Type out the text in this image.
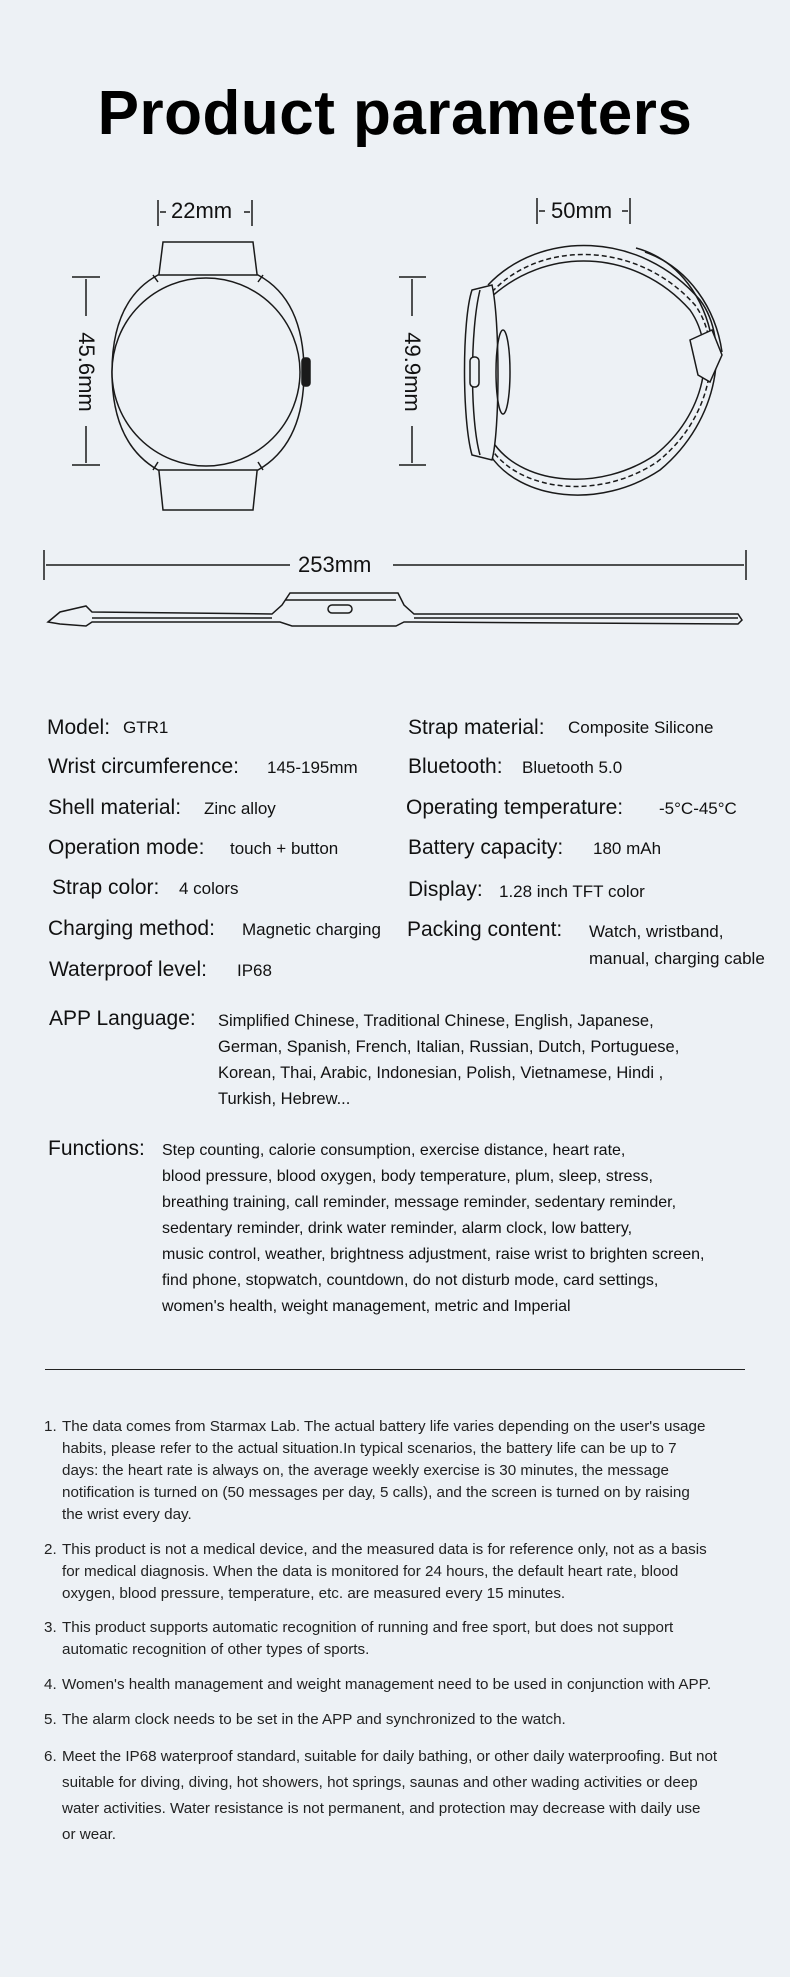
Product parameters
22mm	50mm
45.6mm	49.9mm
253mm
Model: GTR1
Wrist circumference: 145-195mm
Shell material: Zinc alloy
Operation mode: touch + button
Strap color: 4 colors
Charging method: Magnetic charging
Waterproof level: IP68
Strap material: Composite Silicone
Bluetooth: Bluetooth 5.0
Operating temperature: -5°C-45°C
Battery capacity: 180 mAh
Display: 1.28 inch TFT color
Packing content: Watch, wristband,
manual, charging cable
APP Language: Simplified Chinese, Traditional Chinese, English, Japanese,
German, Spanish, French, Italian, Russian, Dutch, Portuguese,
Korean, Thai, Arabic, Indonesian, Polish, Vietnamese, Hindi ,
Turkish, Hebrew...
Functions: Step counting, calorie consumption, exercise distance, heart rate,
blood pressure, blood oxygen, body temperature, plum, sleep, stress,
breathing training, call reminder, message reminder, sedentary reminder,
sedentary reminder, drink water reminder, alarm clock, low battery,
music control, weather, brightness adjustment, raise wrist to brighten screen,
find phone, stopwatch, countdown, do not disturb mode, card settings,
women's health, weight management, metric and Imperial
1. The data comes from Starmax Lab. The actual battery life varies depending on the user's usage
habits, please refer to the actual situation.In typical scenarios, the battery life can be up to 7
days: the heart rate is always on, the average weekly exercise is 30 minutes, the message
notification is turned on (50 messages per day, 5 calls), and the screen is turned on by raising
the wrist every day.
2. This product is not a medical device, and the measured data is for reference only, not as a basis
for medical diagnosis. When the data is monitored for 24 hours, the default heart rate, blood
oxygen, blood pressure, temperature, etc. are measured every 15 minutes.
3. This product supports automatic recognition of running and free sport, but does not support
automatic recognition of other types of sports.
4. Women's health management and weight management need to be used in conjunction with APP.
5. The alarm clock needs to be set in the APP and synchronized to the watch.
6. Meet the IP68 waterproof standard, suitable for daily bathing, or other daily waterproofing. But not
suitable for diving, diving, hot showers, hot springs, saunas and other wading activities or deep
water activities. Water resistance is not permanent, and protection may decrease with daily use
or wear.
